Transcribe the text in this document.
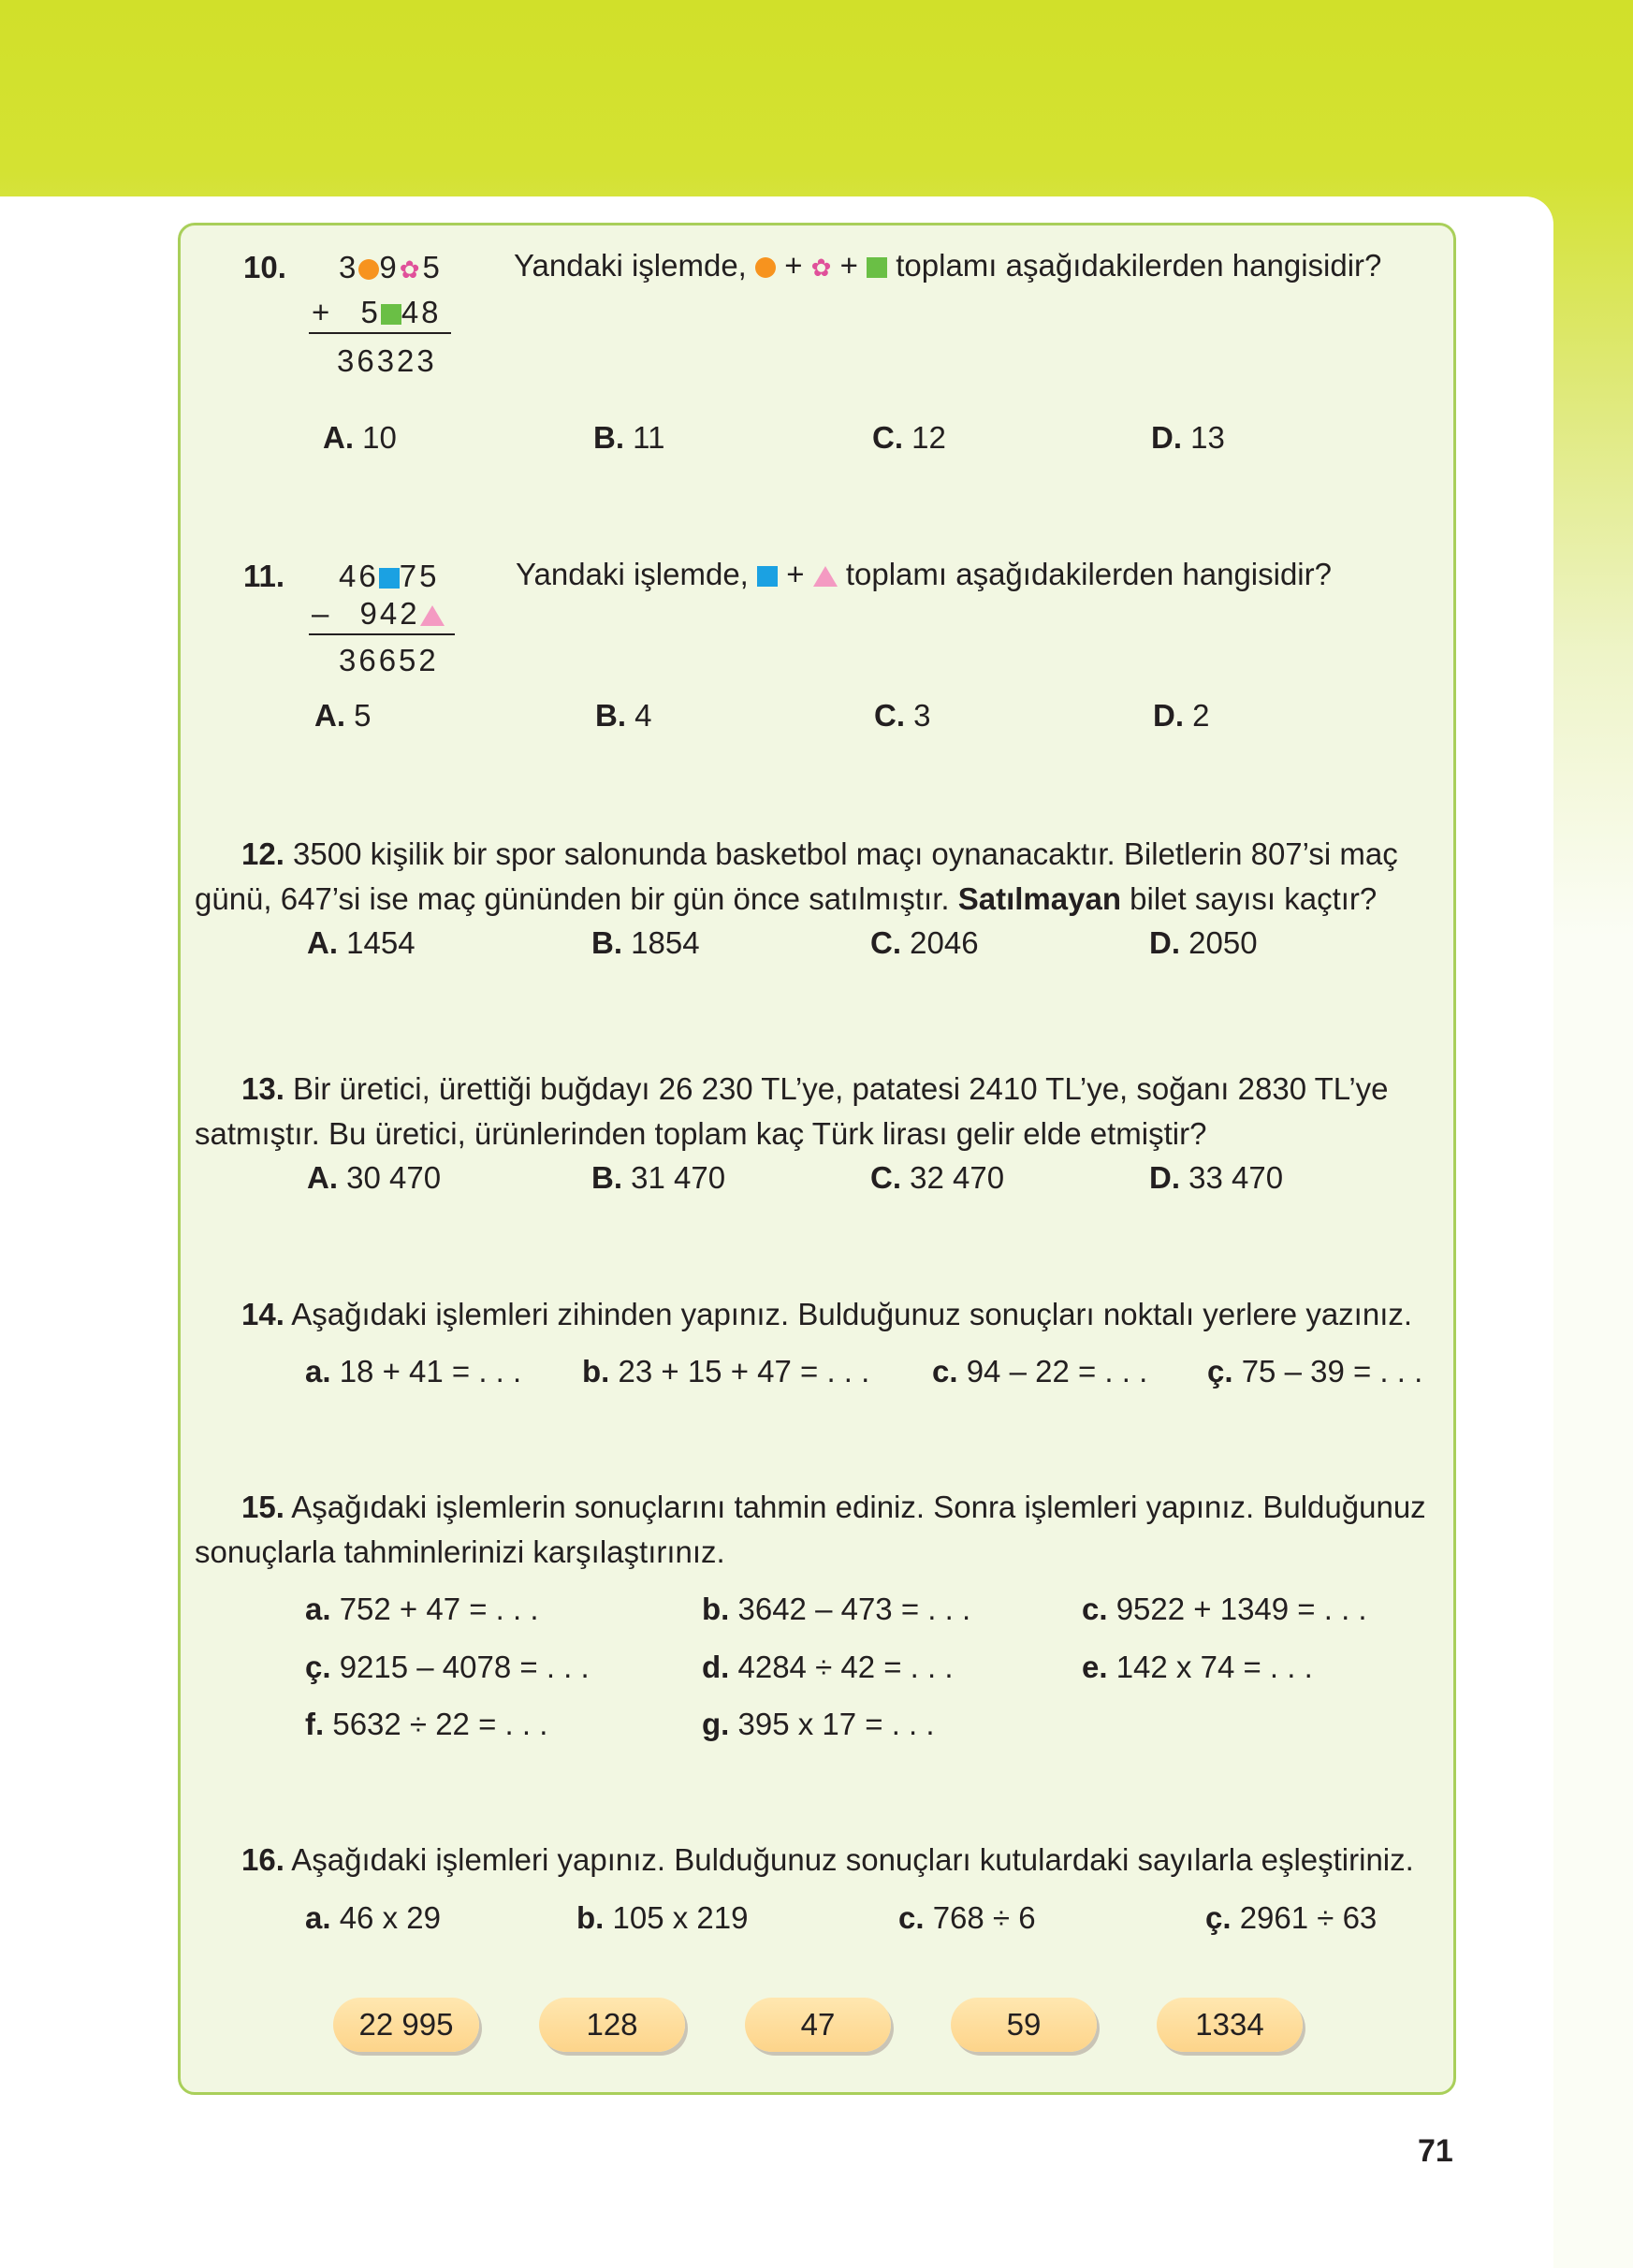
10. 3 9✿5
+ 5 48
36323
Yandaki işlemde, + ✿ + toplamı aşağıdakilerden hangisidir?
A. 10	B. 11	C. 12	D. 13
11. 46 75
– 942
36652
Yandaki işlemde, + toplamı aşağıdakilerden hangisidir?
A. 5	B. 4	C. 3	D. 2
12. 3500 kişilik bir spor salonunda basketbol maçı oynanacaktır. Biletlerin 807’si maç
günü, 647’si ise maç gününden bir gün önce satılmıştır. Satılmayan bilet sayısı kaçtır?
A. 1454	B. 1854	C. 2046	D. 2050
13. Bir üretici, ürettiği buğdayı 26 230 TL’ye, patatesi 2410 TL’ye, soğanı 2830 TL’ye
satmıştır. Bu üretici, ürünlerinden toplam kaç Türk lirası gelir elde etmiştir?
A. 30 470	B. 31 470	C. 32 470	D. 33 470
14. Aşağıdaki işlemleri zihinden yapınız. Bulduğunuz sonuçları noktalı yerlere yazınız.
a. 18 + 41 = . . . b. 23 + 15 + 47 = . . . c. 94 – 22 = . . . ç. 75 – 39 = . . .
15. Aşağıdaki işlemlerin sonuçlarını tahmin ediniz. Sonra işlemleri yapınız. Bulduğunuz
sonuçlarla tahminlerinizi karşılaştırınız.
a. 752 + 47 = . . .	b. 3642 – 473 = . . .	c. 9522 + 1349 = . . .
ç. 9215 – 4078 = . . .	d. 4284 ÷ 42 = . . .	e. 142 x 74 = . . .
f. 5632 ÷ 22 = . . .	g. 395 x 17 = . . .
16. Aşağıdaki işlemleri yapınız. Bulduğunuz sonuçları kutulardaki sayılarla eşleştiriniz.
a. 46 x 29	b. 105 x 219	c. 768 ÷ 6	ç. 2961 ÷ 63
22 995	128	47	59	1334
71
